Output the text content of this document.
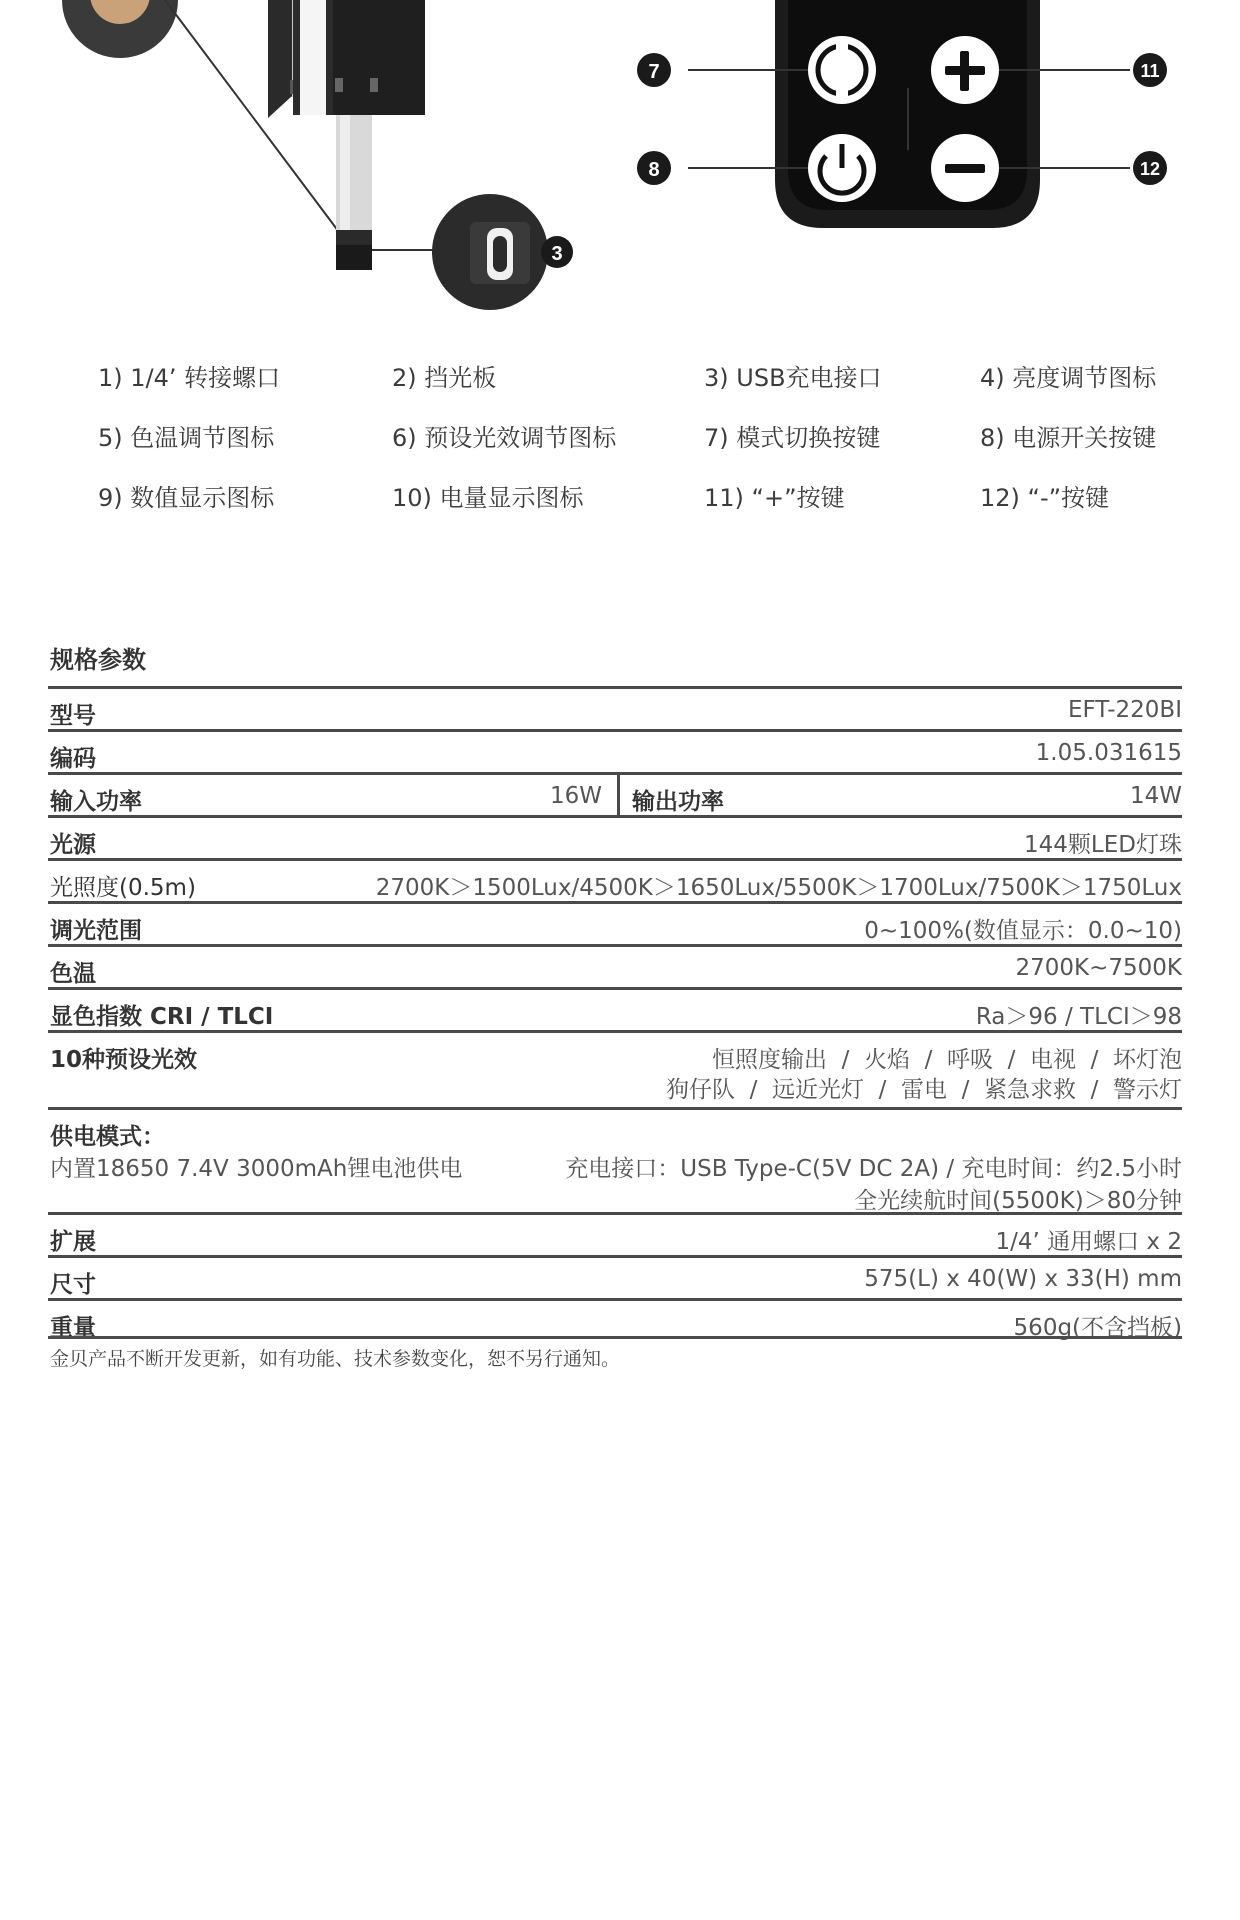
3
7
8
11
12
1) 1/4’ 转接螺口	2) 挡光板	3) USB充电接口	4) 亮度调节图标
5) 色温调节图标	6) 预设光效调节图标	7) 模式切换按键	8) 电源开关按键
9) 数值显示图标	10) 电量显示图标	11) “+”按键	12) “-”按键
规格参数
型号	EFT-220BI
编码	1.05.031615
输入功率	16W 输出功率	14W
光源	144颗LED灯珠
光照度(0.5m)	2700K＞1500Lux/4500K＞1650Lux/5500K＞1700Lux/7500K＞1750Lux
调光范围	0~100%(数值显示：0.0~10)
色温	2700K~7500K
显色指数 CRI / TLCI	Ra＞96 / TLCI＞98
10种预设光效	恒照度输出  /  火焰  /  呼吸  /  电视  /  坏灯泡
狗仔队  /  远近光灯  /  雷电  /  紧急求救  /  警示灯
供电模式：
内置18650 7.4V 3000mAh锂电池供电	充电接口：USB Type-C(5V DC 2A) / 充电时间：约2.5小时
全光续航时间(5500K)＞80分钟
扩展	1/4’ 通用螺口 x 2
尺寸	575(L) x 40(W) x 33(H) mm
重量	560g(不含挡板)
金贝产品不断开发更新，如有功能、技术参数变化，恕不另行通知。
